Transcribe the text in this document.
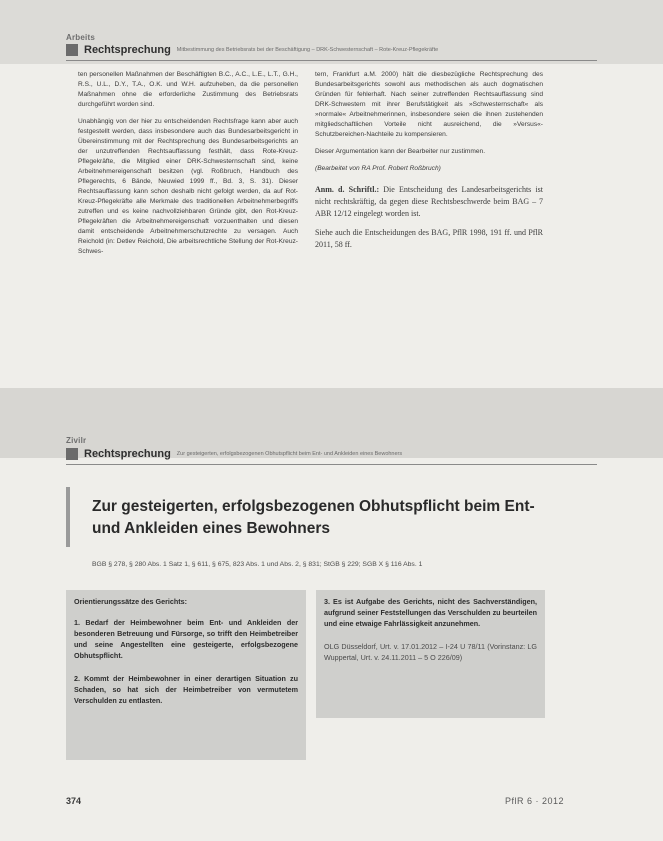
Arbeits
Rechtsprechung Mitbestimmung des Betriebsrats bei der Beschäftigung – DRK-Schwesternschaft – Rote-Kreuz-Pflegekräfte

ten personellen Maßnahmen der Beschäftigten B.C., A.C., L.E., L.T., G.H., R.S., U.L., D.Y., T.A., O.K. und W.H. aufzuheben, da die personellen Maßnahmen ohne die erforderliche Zustimmung des Betriebsrats durchgeführt worden sind.

Unabhängig von der hier zu entscheidenden Rechtsfrage kann aber auch festgestellt werden, dass insbesondere auch das Bundesarbeitsgericht in Übereinstimmung mit der Rechtsprechung des Bundesarbeitsgerichts an der unzutreffenden Rechtsauffassung festhält, dass Rote-Kreuz-Pflegekräfte, die Mitglied einer DRK-Schwesternschaft sind, keine Arbeitnehmereigenschaft besitzen (vgl. Roßbruch, Handbuch des Pflegerechts, 6 Bände, Neuwied 1999 ff., Bd. 3, S. 31). Dieser Rechtsauffassung kann schon deshalb nicht gefolgt werden, da auf Rot-Kreuz-Pflegekräfte alle Merkmale des traditionellen Arbeitnehmerbegriffs zutreffen und es keine nachvollziehbaren Gründe gibt, den Rot-Kreuz-Pflegekräften die Arbeitnehmereigenschaft vorzuenthalten und diesen damit entscheidende Arbeitnehmerschutzrechte zu versagen. Auch Reichold (in: Detlev Reichold, Die arbeitsrechtliche Stellung der Rot-Kreuz-Schwes-

tern, Frankfurt a.M. 2000) hält die diesbezügliche Rechtsprechung des Bundesarbeitsgerichts sowohl aus methodischen als auch dogmatischen Gründen für fehlerhaft. Nach seiner zutreffenden Rechtsauffassung sind DRK-Schwestern mit ihrer Berufstätigkeit als »Schwesternschaft« als »normale« Arbeitnehmerinnen, insbesondere seien die ihnen zustehenden mitgliedschaftlichen Vorteile nicht ausreichend, die »Versus«-Schutzbereichen-Nachteile zu kompensieren.

Dieser Argumentation kann der Bearbeiter nur zustimmen.

(Bearbeitet von RA Prof. Robert Roßbruch)

Anm. d. Schriftl.: Die Entscheidung des Landesarbeitsgerichts ist nicht rechtskräftig, da gegen diese Rechtsbeschwerde beim BAG – 7 ABR 12/12 eingelegt worden ist.

Siehe auch die Entscheidungen des BAG, PflR 1998, 191 ff. und PflR 2011, 58 ff.

Zivilr
Rechtsprechung Zur gesteigerten, erfolgsbezogenen Obhutspflicht beim Ent- und Ankleiden eines Bewohners
Zur gesteigerten, erfolgsbezogenen Obhutspflicht beim Ent- und Ankleiden eines Bewohners
BGB § 278, § 280 Abs. 1 Satz 1, § 611, § 675, 823 Abs. 1 und Abs. 2, § 831; StGB § 229; SGB X § 116 Abs. 1

Orientierungssätze des Gerichts:

1. Bedarf der Heimbewohner beim Ent- und Ankleiden der besonderen Betreuung und Fürsorge, so trifft den Heimbetreiber und seine Angestellten eine gesteigerte, erfolgsbezogene Obhutspflicht.

2. Kommt der Heimbewohner in einer derartigen Situation zu Schaden, so hat sich der Heimbetreiber von vermutetem Verschulden zu entlasten.

3. Es ist Aufgabe des Gerichts, nicht des Sachverständigen, aufgrund seiner Feststellungen das Verschulden zu beurteilen und eine etwaige Fahrlässigkeit anzunehmen.

OLG Düsseldorf, Urt. v. 17.01.2012 – I-24 U 78/11 (Vorinstanz: LG Wuppertal, Urt. v. 24.11.2011 – 5 O 226/09)

374	PflR 6 · 2012
